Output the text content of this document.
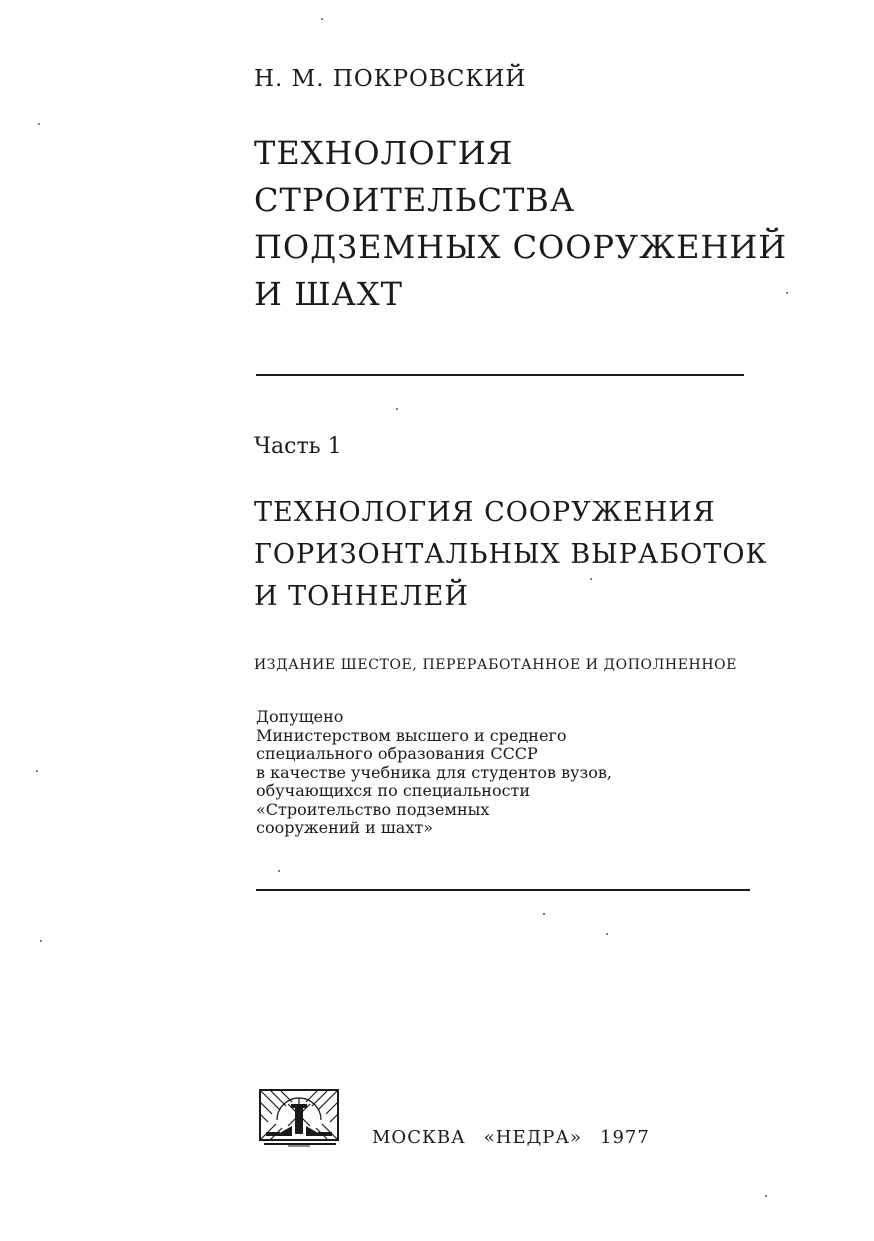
Н. М. ПОКРОВСКИЙ
ТЕХНОЛОГИЯ
СТРОИТЕЛЬСТВА
ПОДЗЕМНЫХ СООРУЖЕНИЙ
И ШАХТ
Часть 1
ТЕХНОЛОГИЯ СООРУЖЕНИЯ
ГОРИЗОНТАЛЬНЫХ ВЫРАБОТОК
И ТОННЕЛЕЙ
ИЗДАНИЕ ШЕСТОЕ, ПЕРЕРАБОТАННОЕ И ДОПОЛНЕННОЕ
Допущено
Министерством высшего и среднего
специального образования СССР
в качестве учебника для студентов вузов,
обучающихся по специальности
«Строительство подземных
сооружений и шахт»
МОСКВА «НЕДРА» 1977
